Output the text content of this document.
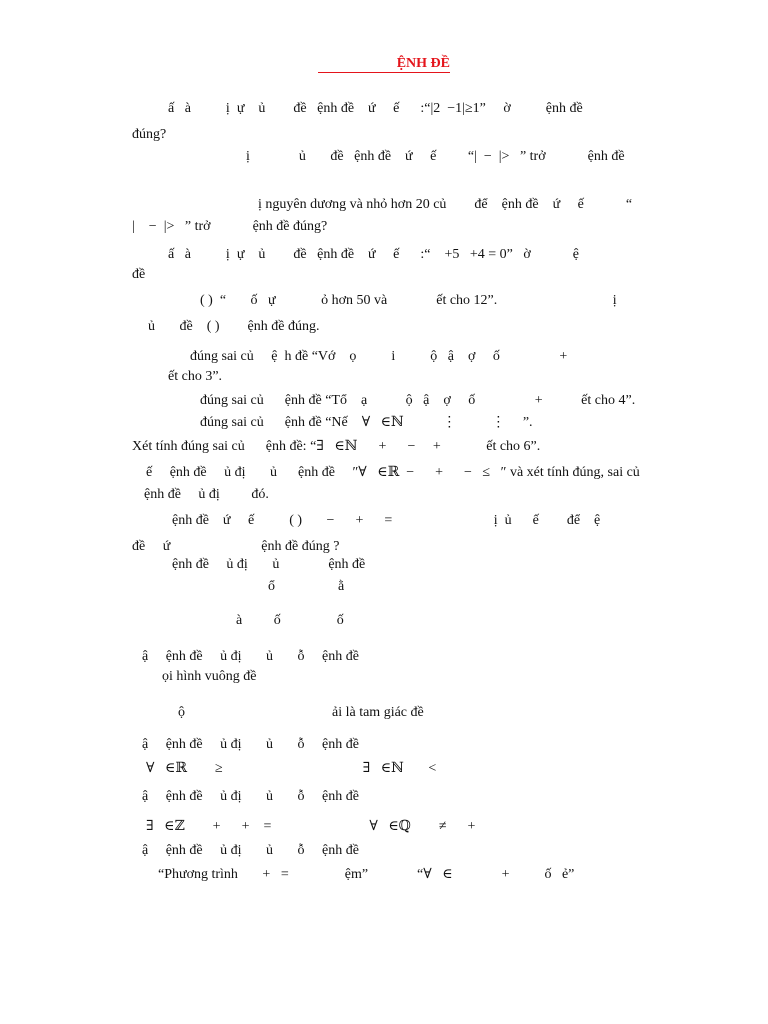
ỆNH ĐỀ
ấ   à          ị  ự    ủ        đề   ệnh đề    ứ     ế      :“|2  −1|≥1”     ờ          ệnh đề
đúng?
ị              ủ       đề   ệnh đề    ứ     ế         “|  −  |>   ” trở            ệnh đề
ị nguyên dương và nhỏ hơn 20 củ        để    ệnh đề    ứ     ế            “
|    −  |>   ” trở            ệnh đề đúng?
ấ   à          ị  ự    ủ        đề   ệnh đề    ứ     ế      :“    +5   +4 = 0”   ờ            ệ
đề
( )  “       ố   ự             ỏ hơn 50 và              ết cho 12”.                                 ị
ủ       đề    ( )        ệnh đề đúng.
đúng sai củ     ệ  h đề “Vớ    ọ          i          ộ   ậ    ợ     ố                 +
ết cho 3”.
đúng sai củ      ệnh đề “Tổ    ạ           ộ   ậ    ợ     ố                 +           ết cho 4”.
đúng sai củ      ệnh đề “Nế    ∀   ∈ℕ           ⋮          ⋮     ”.
Xét tính đúng sai củ      ệnh đề: “∃   ∈ℕ      +      −     +             ết cho 6”.
ế     ệnh đề     ủ đị       ủ      ệnh đề     ″∀   ∈ℝ  −      +      −   ≤   ″ và xét tính đúng, sai củ
ệnh đề     ủ đị         đó.
ệnh đề    ứ     ế          ( )       −      +      =                             ị  ủ      ế        để    ệ
đề     ứ                          ệnh đề đúng ?
ệnh đề     ủ đị       ủ              ệnh đề
ổ                  ằ
à         ố                ố
ậ     ệnh đề     ủ đị       ủ       ỗ     ệnh đề
ọi hình vuông đề
ộ                                          ải là tam giác đề
ậ     ệnh đề     ủ đị       ủ       ỗ     ệnh đề
∀   ∈ℝ        ≥                                        ∃   ∈ℕ       <
ậ     ệnh đề     ủ đị       ủ       ỗ     ệnh đề
∃   ∈ℤ        +      +    =                            ∀   ∈ℚ        ≠      +
ậ     ệnh đề     ủ đị       ủ       ỗ     ệnh đề
“Phương trình       +   =                ệm”              “∀   ∈              +          ố   ẻ”
